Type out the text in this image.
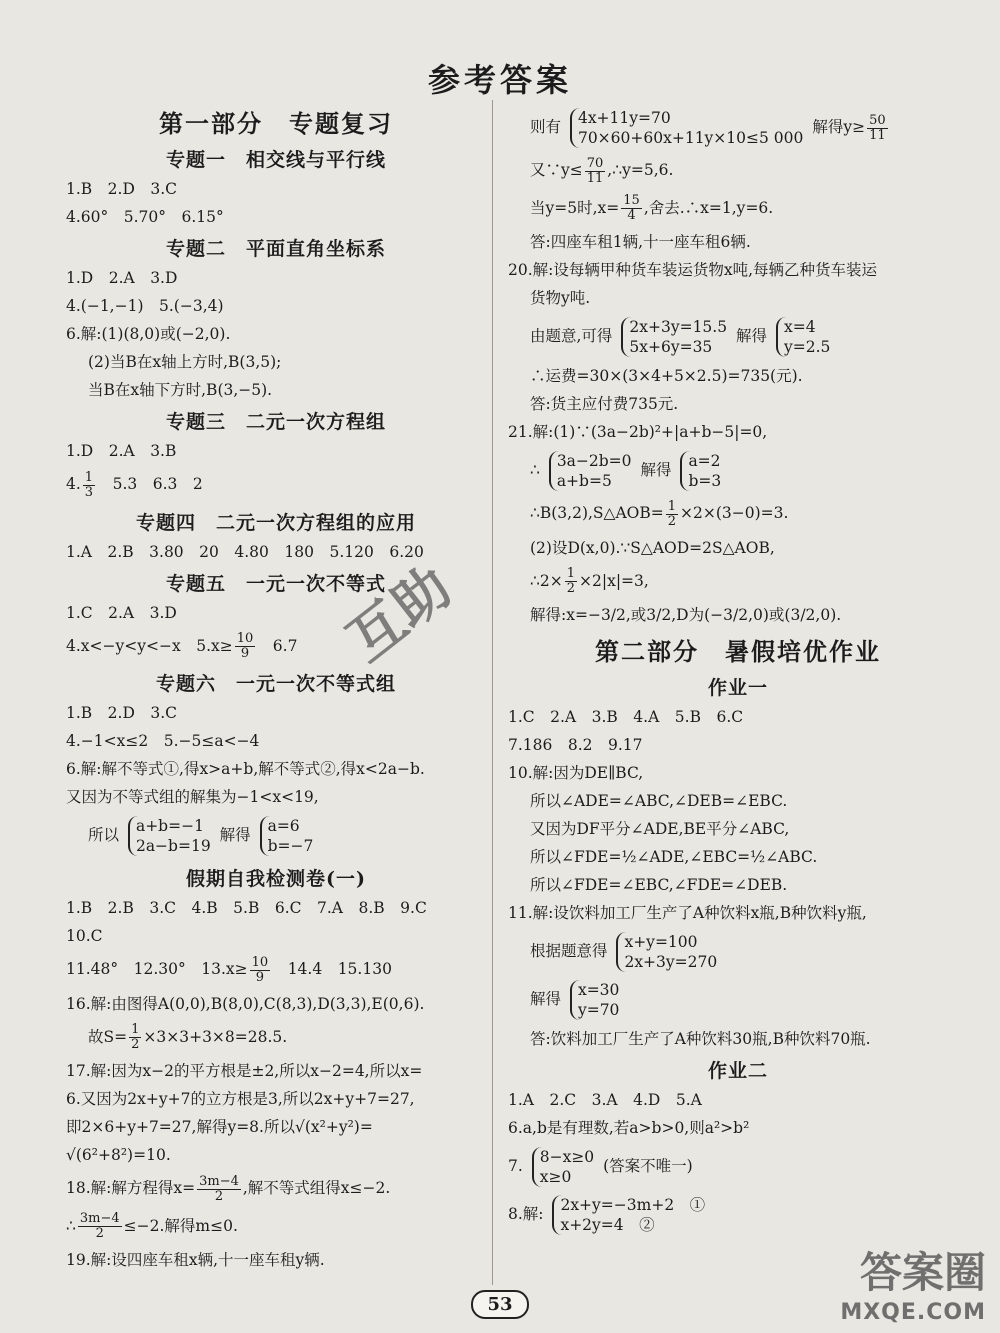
参考答案
第一部分　专题复习
专题一　相交线与平行线
1.B　2.D　3.C
4.60°　5.70°　6.15°
专题二　平面直角坐标系
1.D　2.A　3.D
4.(−1,−1)　5.(−3,4)
6.解:(1)(8,0)或(−2,0).
(2)当B在x轴上方时,B(3,5);
当B在x轴下方时,B(3,−5).
专题三　二元一次方程组
1.D　2.A　3.B
4. $\frac{1}{3}$ 　5.3　6.3　2
专题四　二元一次方程组的应用
1.A　2.B　3.80　20　4.80　180　5.120　6.20
专题五　一元一次不等式
1.C　2.A　3.D
4.x<−y<y<−x　$5.x\ge \frac{10}{9}$ 　6.7
专题六　一元一次不等式组
1.B　2.D　3.C
4.−1<x≤2　5.−5≤a<−4
6.解:解不等式①,得x>a+b,解不等式②,得x<2a−b.
又因为不等式组的解集为−1<x<19,
所以 a+b=−1
2a−b=19
解得 a=6
b=−7
假期自我检测卷(一)
1.B　2.B　3.C　4.B　5.B　6.C　7.A　8.B　9.C
10.C
11.48°　12.30°　$13.x\ge \frac{10}{9}$ 　14.4　15.130
16.解:由图得A(0,0),B(8,0),C(8,3),D(3,3),E(0,6).
故$S= \frac{1}{2} \times 3\times 3+3\times 8=28.5$.
17.解:因为x−2的平方根是±2,所以x−2=4,所以x=
6.又因为2x+y+7的立方根是3,所以2x+y+7=27,
即2×6+y+7=27,解得y=8.所以√(x²+y²)=
√(6²+8²)=10.
18.解:解方程得$x= \frac{3m-4}{2}$ ,解不等式组得x≤−2.
∴ $\frac{3m-4}{2} \le-2$.解得m≤0.
19.解:设四座车租x辆,十一座车租y辆.
则有 4x+11y=70
70×60+60x+11y×10≤5 000
解得$y\ge \frac{50}{11}$
又∵y≤ $\frac{70}{11}$ ,∴y=5,6.
当y=5时$,x= \frac{15}{4}$ ,舍去.∴x=1,y=6.
答:四座车租1辆,十一座车租6辆.
20.解:设每辆甲种货车装运货物x吨,每辆乙种货车装运
货物y吨.
由题意,可得 2x+3y=15.5
5x+6y=35
解得 x=4
y=2.5
∴运费=30×(3×4+5×2.5)=735(元).
答:货主应付费735元.
21.解:(1)∵(3a−2b)²+|a+b−5|=0,
∴ 3a−2b=0
a+b=5
解得 a=2
b=3
∴B(3,2),S△AOB= $\frac{1}{2} \times 2\times(3-0)=3$.
(2)设D(x,0).∵S△AOD=2S△AOB,
∴2× $\frac{1}{2} \times 2|x|=3$,
解得:x=−3/2,或3/2,D为(−3/2,0)或(3/2,0).
第二部分　暑假培优作业
作业一
1.C　2.A　3.B　4.A　5.B　6.C
7.186　8.2　9.17
10.解:因为DE∥BC,
所以∠ADE=∠ABC,∠DEB=∠EBC.
又因为DF平分∠ADE,BE平分∠ABC,
所以∠FDE=½∠ADE,∠EBC=½∠ABC.
所以∠FDE=∠EBC,∠FDE=∠DEB.
11.解:设饮料加工厂生产了A种饮料x瓶,B种饮料y瓶,
根据题意得 x+y=100
2x+3y=270
解得 x=30
y=70
答:饮料加工厂生产了A种饮料30瓶,B种饮料70瓶.
作业二
1.A　2.C　3.A　4.D　5.A
6.a,b是有理数,若a>b>0,则a²>b²
7. 8−x≥0
x≥0
(答案不唯一)
8.解: 2x+y=−3m+2　①
x+2y=4　②
互助
53
答案圈
MXQE.COM
